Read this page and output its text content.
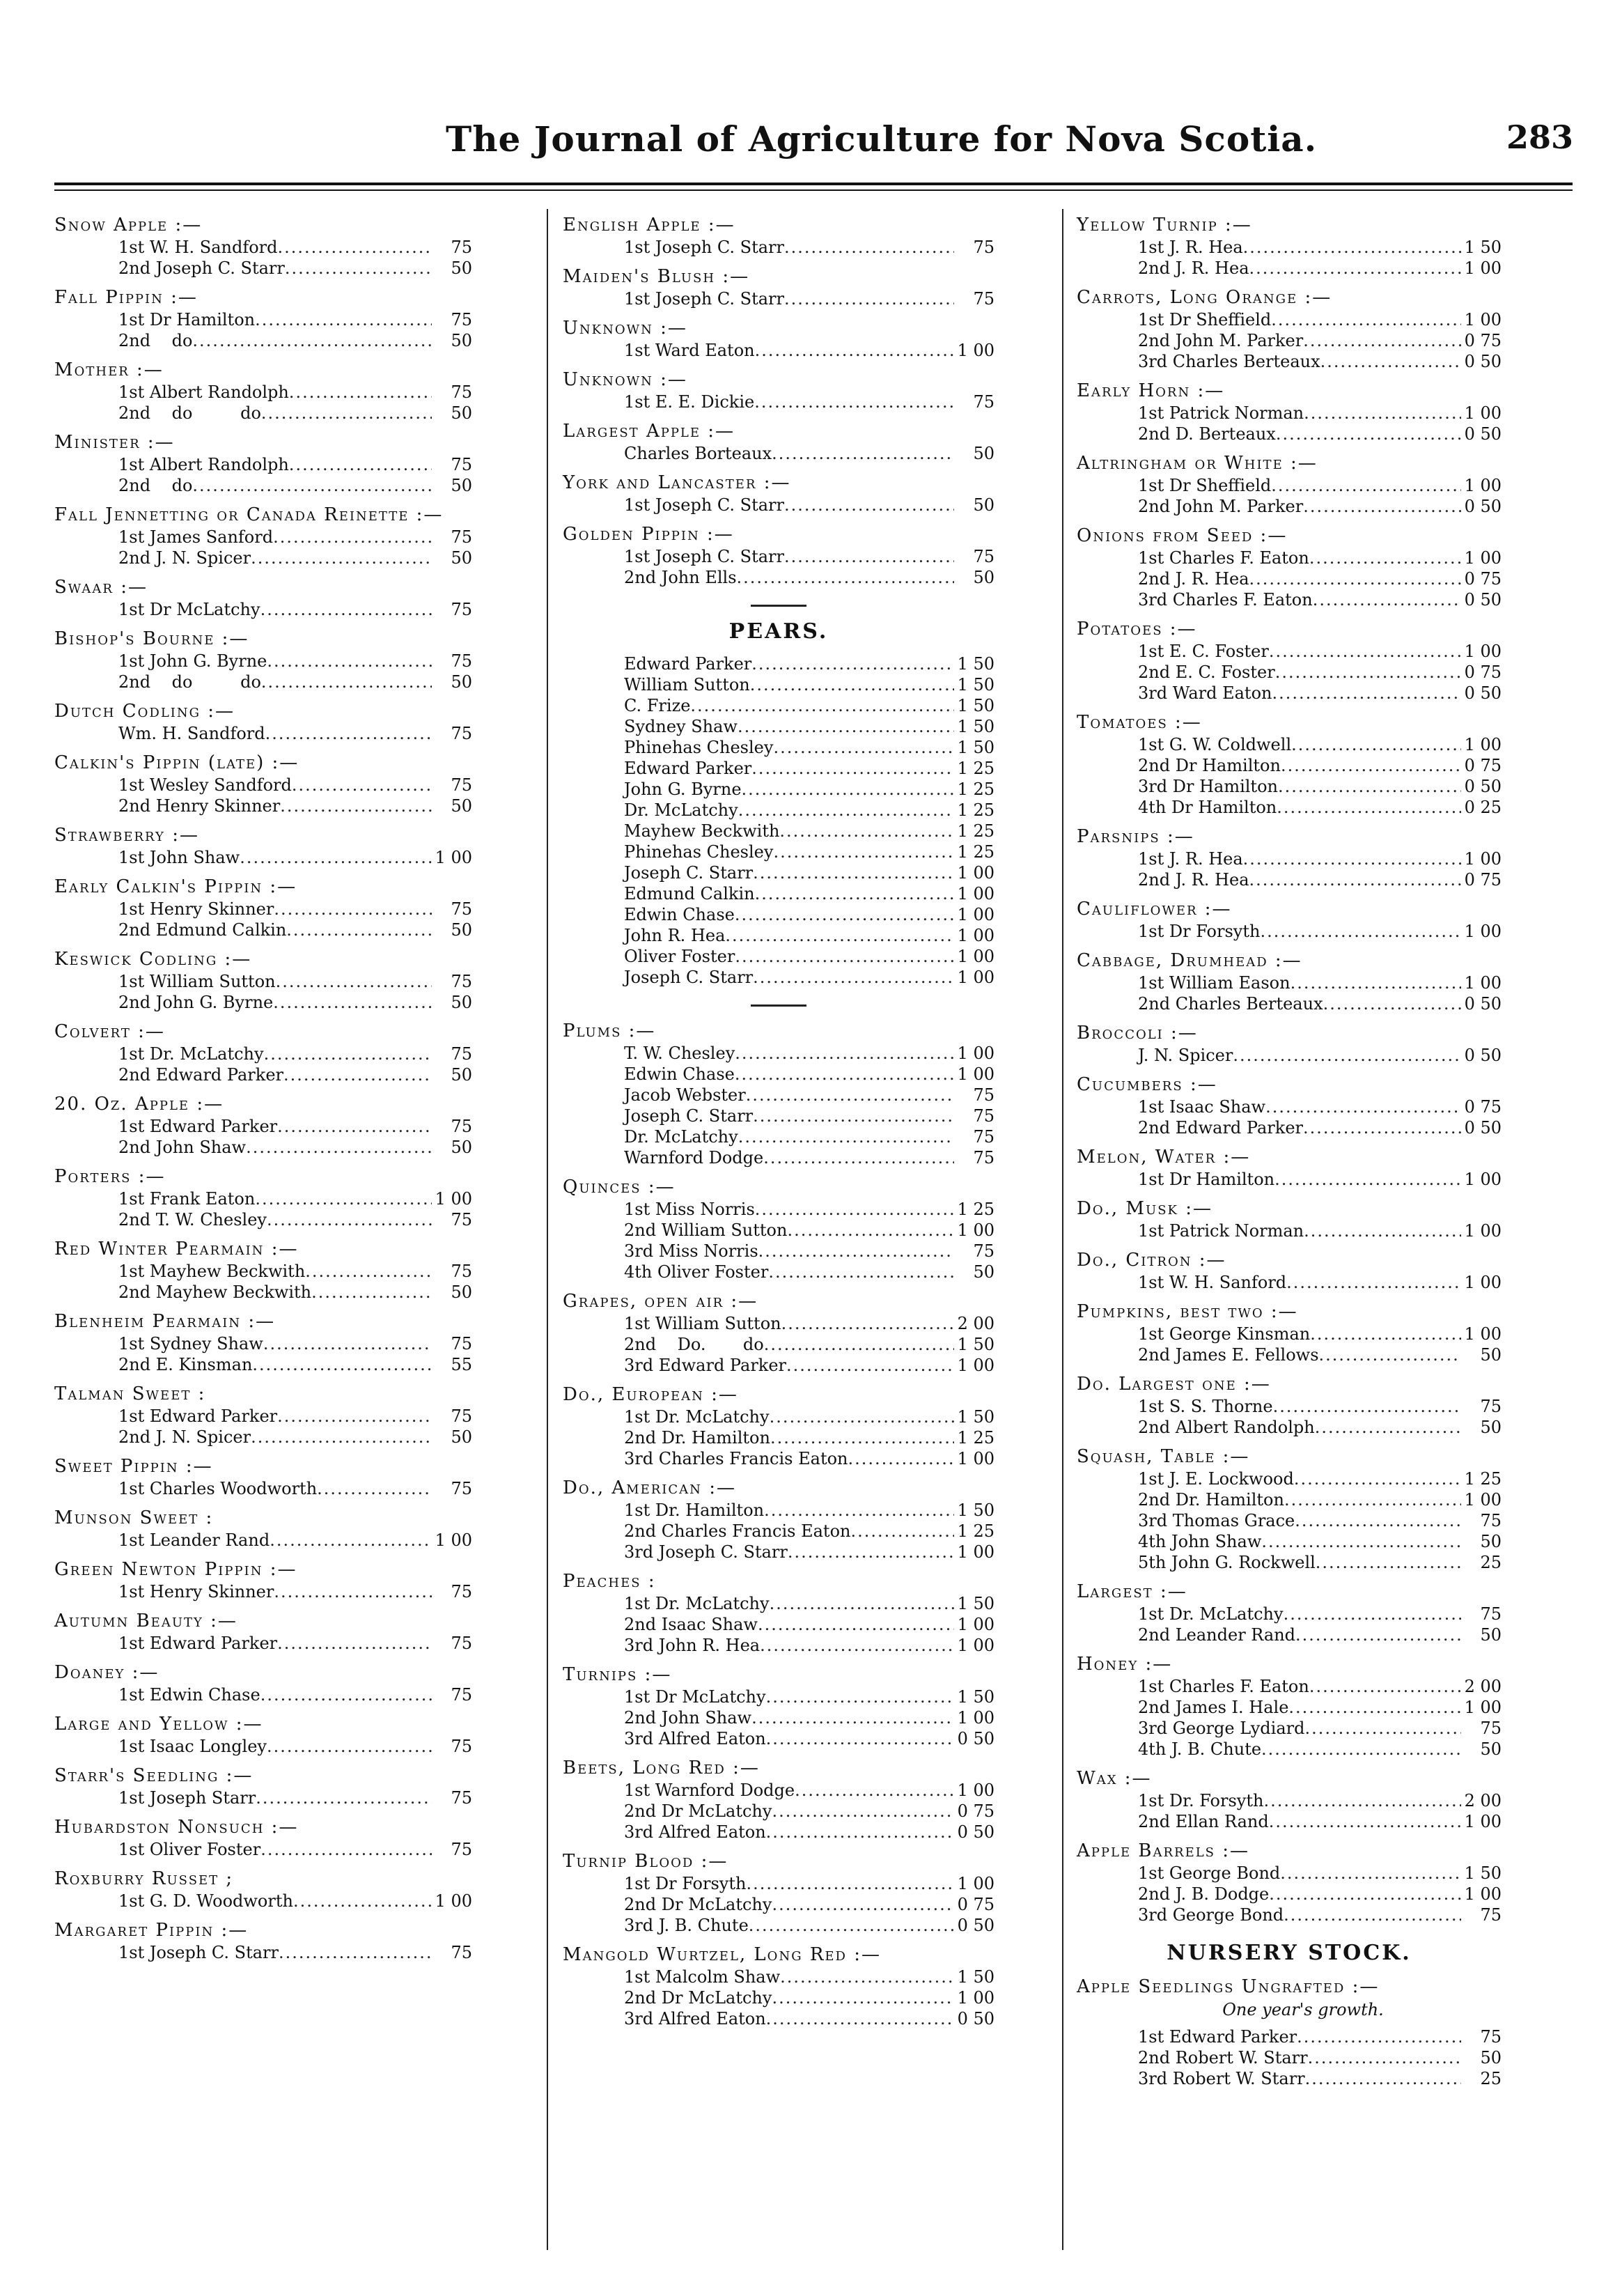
The Journal of Agriculture for Nova Scotia.	283
Snow Apple :—
1st W. H. Sandford .....	75
2nd Joseph C. Starr .....	50
Fall Pippin :—
1st Dr Hamilton .....	75
2nd    do .....	50
Mother :—
1st Albert Randolph .....	75
2nd    do         do .....	50
Minister :—
1st Albert Randolph .....	75
2nd    do .....	50
Fall Jennetting or Canada Reinette :—
1st James Sanford .....	75
2nd J. N. Spicer .....	50
Swaar :—
1st Dr McLatchy .....	75
Bishop's Bourne :—
1st John G. Byrne .....	75
2nd    do         do .....	50
Dutch Codling :—
Wm. H. Sandford .....	75
Calkin's Pippin (late) :—
1st Wesley Sandford .....	75
2nd Henry Skinner .....	50
Strawberry :—
1st John Shaw .....	1 00
Early Calkin's Pippin :—
1st Henry Skinner .....	75
2nd Edmund Calkin .....	50
Keswick Codling :—
1st William Sutton .....	75
2nd John G. Byrne .....	50
Colvert :—
1st Dr. McLatchy .....	75
2nd Edward Parker .....	50
20. Oz. Apple :—
1st Edward Parker .....	75
2nd John Shaw .....	50
Porters :—
1st Frank Eaton .....	1 00
2nd T. W. Chesley .....	75
Red Winter Pearmain :—
1st Mayhew Beckwith .....	75
2nd Mayhew Beckwith .....	50
Blenheim Pearmain :—
1st Sydney Shaw .....	75
2nd E. Kinsman .....	55
Talman Sweet :
1st Edward Parker .....	75
2nd J. N. Spicer .....	50
Sweet Pippin :—
1st Charles Woodworth .....	75
Munson Sweet :
1st Leander Rand .....	1 00
Green Newton Pippin :—
1st Henry Skinner .....	75
Autumn Beauty :—
1st Edward Parker .....	75
Doaney :—
1st Edwin Chase .....	75
Large and Yellow :—
1st Isaac Longley .....	75
Starr's Seedling :—
1st Joseph Starr .....	75
Hubardston Nonsuch :—
1st Oliver Foster .....	75
Roxburry Russet ;
1st G. D. Woodworth .....	1 00
Margaret Pippin :—
1st Joseph C. Starr .....	75
English Apple :—
1st Joseph C. Starr .....	75
Maiden's Blush :—
1st Joseph C. Starr .....	75
Unknown :—
1st Ward Eaton .....	1 00
Unknown :—
1st E. E. Dickie .....	75
Largest Apple :—
Charles Borteaux .....	50
York and Lancaster :—
1st Joseph C. Starr .....	50
Golden Pippin :—
1st Joseph C. Starr .....	75
2nd John Ells .....	50
PEARS.
Edward Parker .....	1 50
William Sutton .....	1 50
C. Frize .....	1 50
Sydney Shaw .....	1 50
Phinehas Chesley .....	1 50
Edward Parker .....	1 25
John G. Byrne .....	1 25
Dr. McLatchy .....	1 25
Mayhew Beckwith .....	1 25
Phinehas Chesley .....	1 25
Joseph C. Starr .....	1 00
Edmund Calkin .....	1 00
Edwin Chase .....	1 00
John R. Hea .....	1 00
Oliver Foster .....	1 00
Joseph C. Starr .....	1 00
Plums :—
T. W. Chesley .....	1 00
Edwin Chase .....	1 00
Jacob Webster .....	75
Joseph C. Starr .....	75
Dr. McLatchy .....	75
Warnford Dodge .....	75
Quinces :—
1st Miss Norris .....	1 25
2nd William Sutton .....	1 00
3rd Miss Norris .....	75
4th Oliver Foster .....	50
Grapes, open air :—
1st William Sutton .....	2 00
2nd    Do.       do .....	1 50
3rd Edward Parker .....	1 00
Do., European :—
1st Dr. McLatchy .....	1 50
2nd Dr. Hamilton .....	1 25
3rd Charles Francis Eaton .....	1 00
Do., American :—
1st Dr. Hamilton .....	1 50
2nd Charles Francis Eaton .....	1 25
3rd Joseph C. Starr .....	1 00
Peaches :
1st Dr. McLatchy .....	1 50
2nd Isaac Shaw .....	1 00
3rd John R. Hea .....	1 00
Turnips :—
1st Dr McLatchy .....	1 50
2nd John Shaw .....	1 00
3rd Alfred Eaton .....	0 50
Beets, Long Red :—
1st Warnford Dodge .....	1 00
2nd Dr McLatchy .....	0 75
3rd Alfred Eaton .....	0 50
Turnip Blood :—
1st Dr Forsyth .....	1 00
2nd Dr McLatchy .....	0 75
3rd J. B. Chute .....	0 50
Mangold Wurtzel, Long Red :—
1st Malcolm Shaw .....	1 50
2nd Dr McLatchy .....	1 00
3rd Alfred Eaton .....	0 50
Yellow Turnip :—
1st J. R. Hea .....	1 50
2nd J. R. Hea .....	1 00
Carrots, Long Orange :—
1st Dr Sheffield .....	1 00
2nd John M. Parker .....	0 75
3rd Charles Berteaux .....	0 50
Early Horn :—
1st Patrick Norman .....	1 00
2nd D. Berteaux .....	0 50
Altringham or White :—
1st Dr Sheffield .....	1 00
2nd John M. Parker .....	0 50
Onions from Seed :—
1st Charles F. Eaton .....	1 00
2nd J. R. Hea .....	0 75
3rd Charles F. Eaton .....	0 50
Potatoes :—
1st E. C. Foster .....	1 00
2nd E. C. Foster .....	0 75
3rd Ward Eaton .....	0 50
Tomatoes :—
1st G. W. Coldwell .....	1 00
2nd Dr Hamilton .....	0 75
3rd Dr Hamilton .....	0 50
4th Dr Hamilton .....	0 25
Parsnips :—
1st J. R. Hea .....	1 00
2nd J. R. Hea .....	0 75
Cauliflower :—
1st Dr Forsyth .....	1 00
Cabbage, Drumhead :—
1st William Eason .....	1 00
2nd Charles Berteaux .....	0 50
Broccoli :—
J. N. Spicer .....	0 50
Cucumbers :—
1st Isaac Shaw .....	0 75
2nd Edward Parker .....	0 50
Melon, Water :—
1st Dr Hamilton .....	1 00
Do., Musk :—
1st Patrick Norman .....	1 00
Do., Citron :—
1st W. H. Sanford .....	1 00
Pumpkins, best two :—
1st George Kinsman .....	1 00
2nd James E. Fellows .....	50
Do. Largest one :—
1st S. S. Thorne .....	75
2nd Albert Randolph .....	50
Squash, Table :—
1st J. E. Lockwood .....	1 25
2nd Dr. Hamilton .....	1 00
3rd Thomas Grace .....	75
4th John Shaw .....	50
5th John G. Rockwell .....	25
Largest :—
1st Dr. McLatchy .....	75
2nd Leander Rand .....	50
Honey :—
1st Charles F. Eaton .....	2 00
2nd James I. Hale .....	1 00
3rd George Lydiard .....	75
4th J. B. Chute .....	50
Wax :—
1st Dr. Forsyth .....	2 00
2nd Ellan Rand .....	1 00
Apple Barrels :—
1st George Bond .....	1 50
2nd J. B. Dodge .....	1 00
3rd George Bond .....	75
NURSERY STOCK.
Apple Seedlings Ungrafted :—
One year's growth.
1st Edward Parker .....	75
2nd Robert W. Starr .....	50
3rd Robert W. Starr .....	25
